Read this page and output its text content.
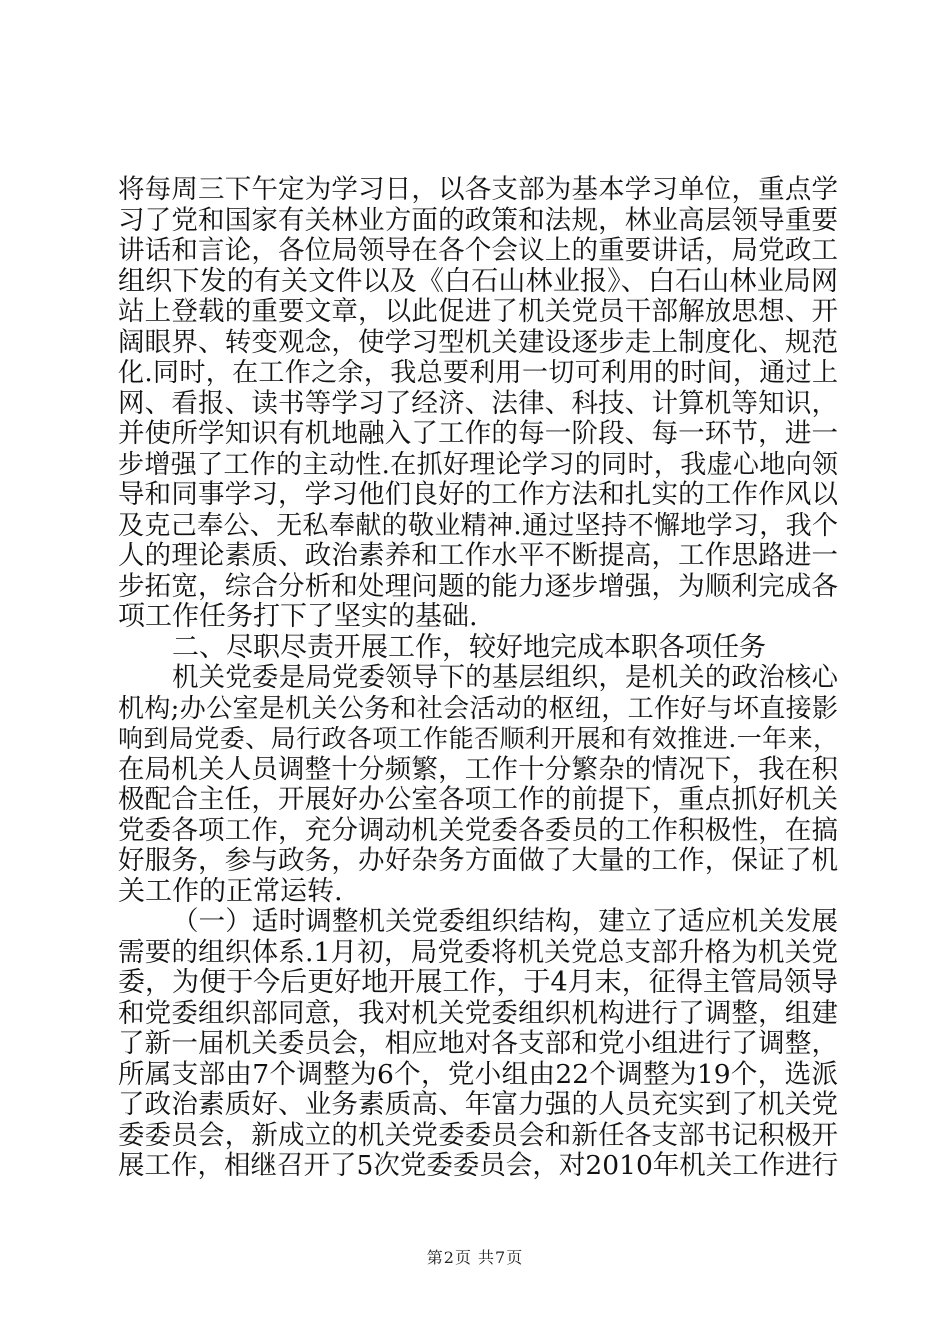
将每周三下午定为学习日，以各支部为基本学习单位，重点学
习了党和国家有关林业方面的政策和法规，林业高层领导重要
讲话和言论，各位局领导在各个会议上的重要讲话，局党政工
组织下发的有关文件以及《白石山林业报》、白石山林业局网
站上登载的重要文章，以此促进了机关党员干部解放思想、开
阔眼界、转变观念，使学习型机关建设逐步走上制度化、规范
化.同时，在工作之余，我总要利用一切可利用的时间，通过上
网、看报、读书等学习了经济、法律、科技、计算机等知识，
并使所学知识有机地融入了工作的每一阶段、每一环节，进一
步增强了工作的主动性.在抓好理论学习的同时，我虚心地向领
导和同事学习，学习他们良好的工作方法和扎实的工作作风以
及克己奉公、无私奉献的敬业精神.通过坚持不懈地学习，我个
人的理论素质、政治素养和工作水平不断提高，工作思路进一
步拓宽，综合分析和处理问题的能力逐步增强，为顺利完成各
项工作任务打下了坚实的基础.
二、尽职尽责开展工作，较好地完成本职各项任务
机关党委是局党委领导下的基层组织，是机关的政治核心
机构;办公室是机关公务和社会活动的枢纽，工作好与坏直接影
响到局党委、局行政各项工作能否顺利开展和有效推进.一年来，
在局机关人员调整十分频繁，工作十分繁杂的情况下，我在积
极配合主任，开展好办公室各项工作的前提下，重点抓好机关
党委各项工作，充分调动机关党委各委员的工作积极性，在搞
好服务，参与政务，办好杂务方面做了大量的工作，保证了机
关工作的正常运转.
（一）适时调整机关党委组织结构，建立了适应机关发展
需要的组织体系.1月初，局党委将机关党总支部升格为机关党
委，为便于今后更好地开展工作，于4月末，征得主管局领导
和党委组织部同意，我对机关党委组织机构进行了调整，组建
了新一届机关委员会，相应地对各支部和党小组进行了调整，
所属支部由7个调整为6个，党小组由22个调整为19个，选派
了政治素质好、业务素质高、年富力强的人员充实到了机关党
委委员会，新成立的机关党委委员会和新任各支部书记积极开
展工作，相继召开了5次党委委员会，对2010年机关工作进行
第2页 共7页
